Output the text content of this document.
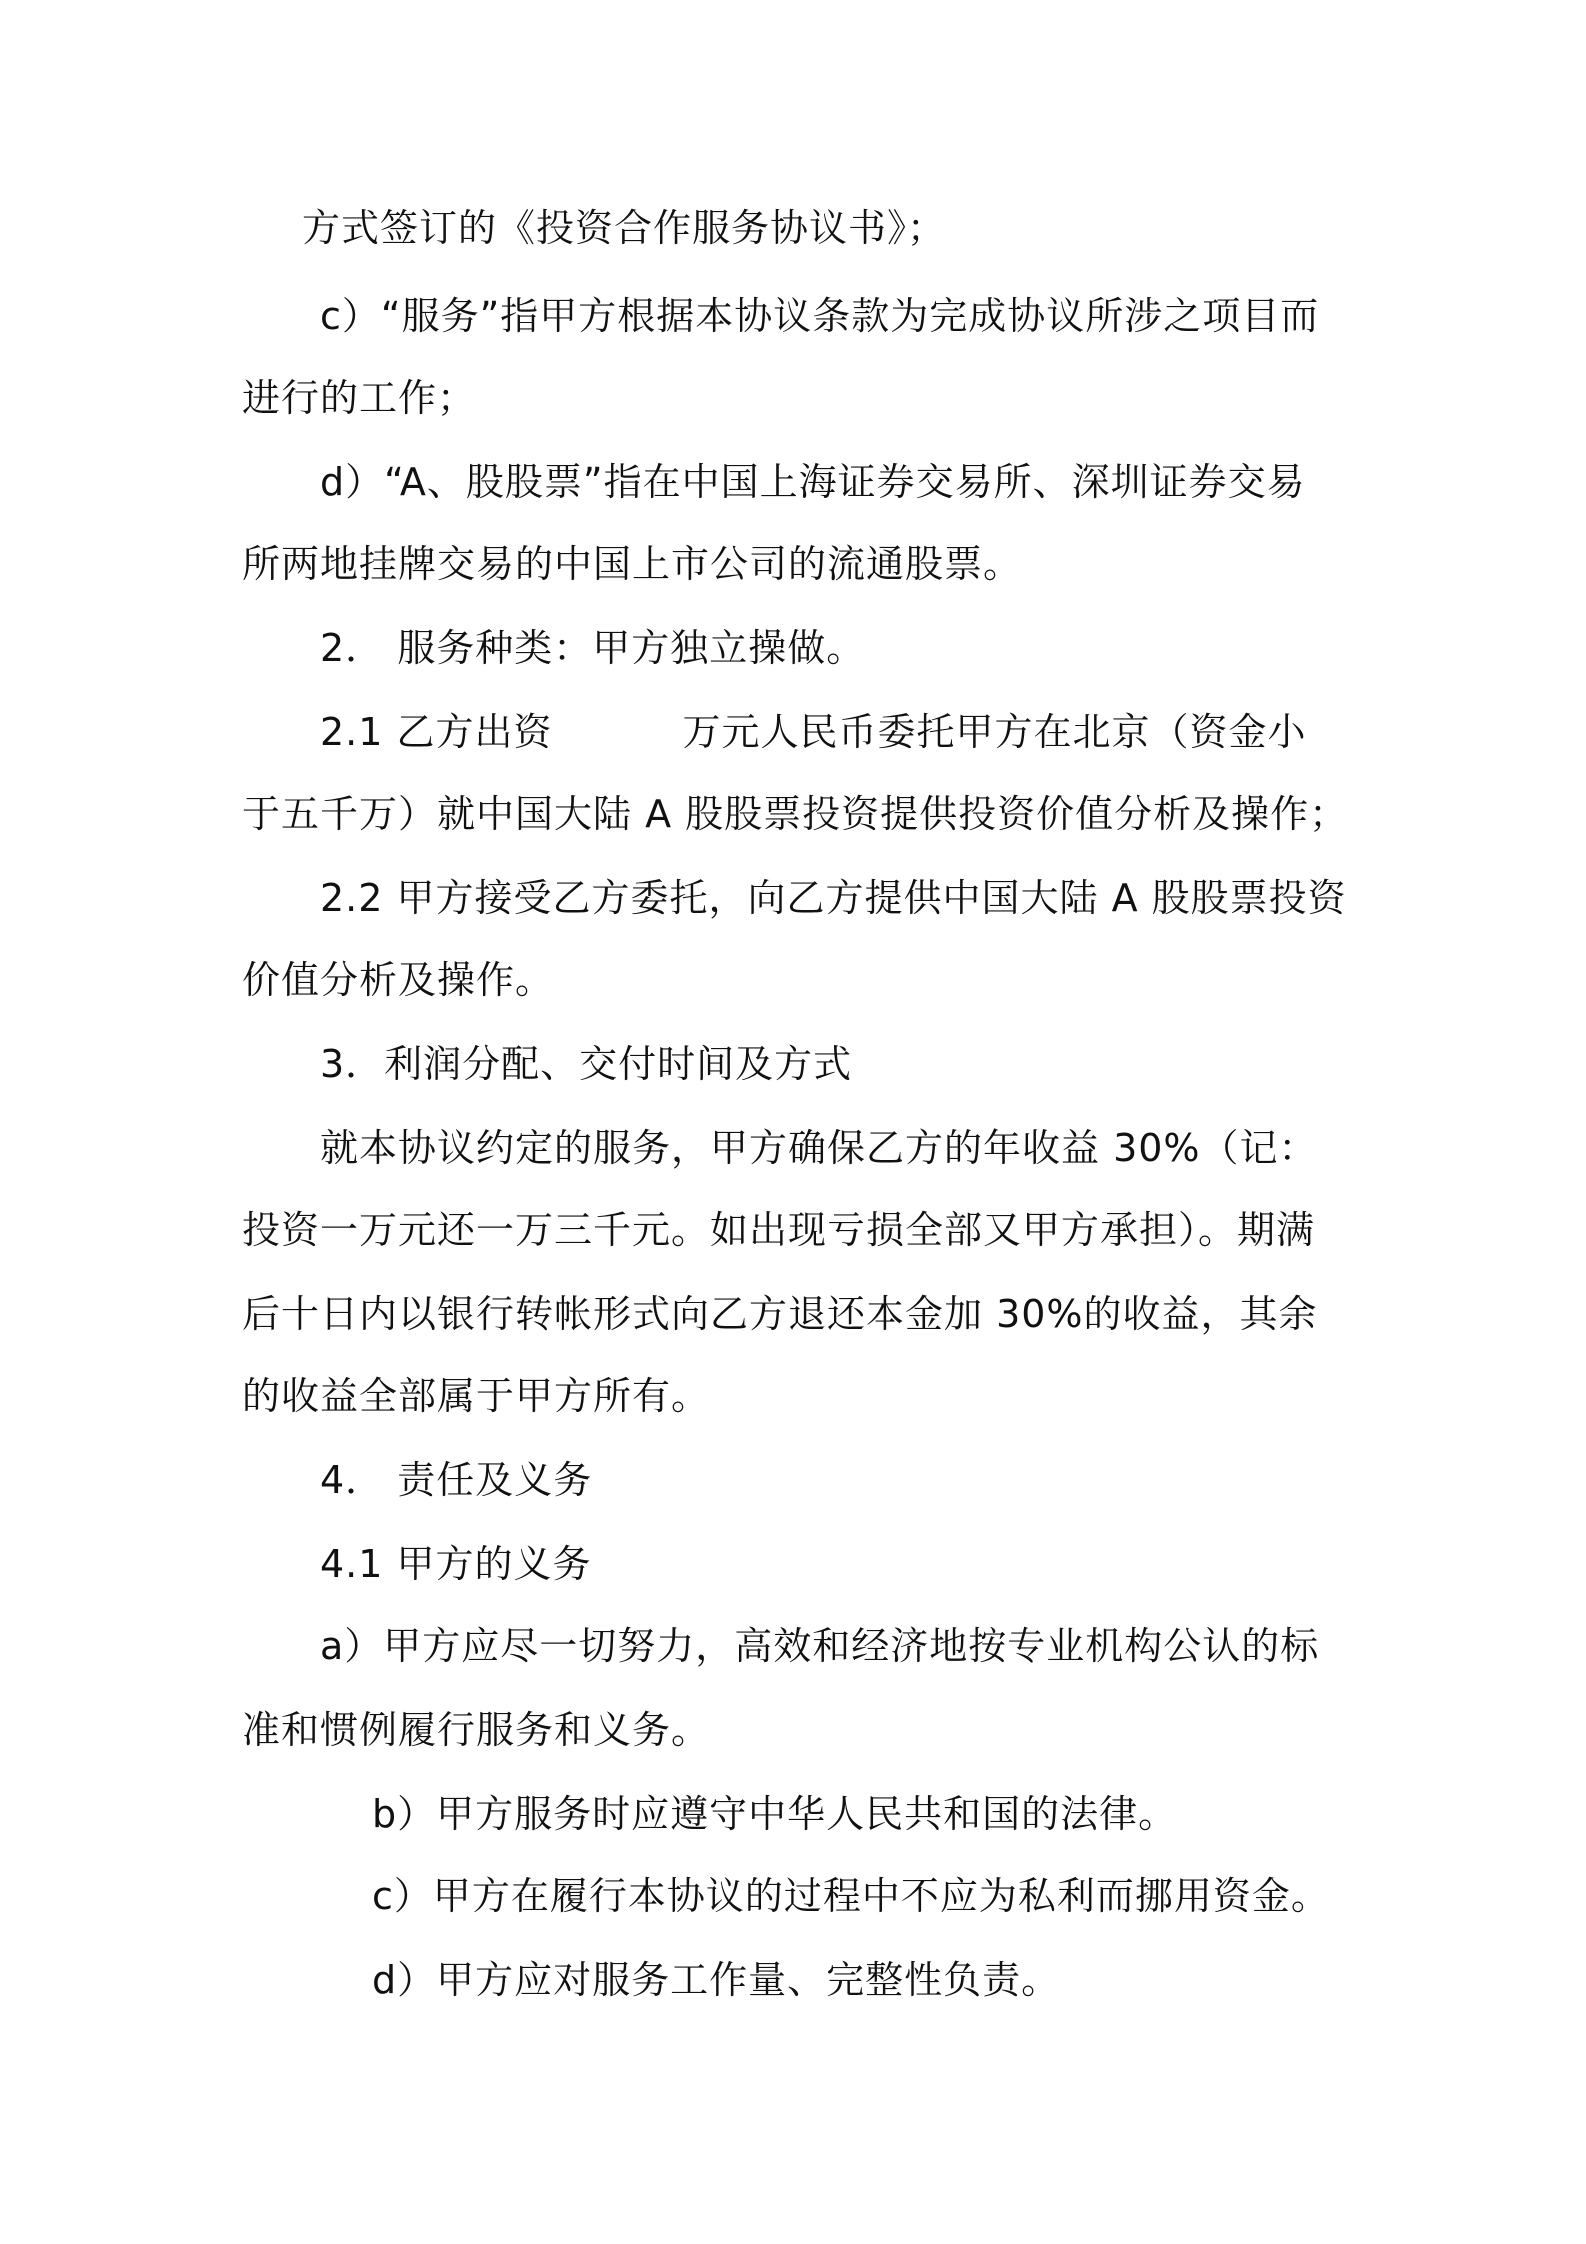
方式签订的《投资合作服务协议书》；
c）“服务”指甲方根据本协议条款为完成协议所涉之项目而
进行的工作；
d）“A、股股票”指在中国上海证券交易所、深圳证券交易
所两地挂牌交易的中国上市公司的流通股票。
2． 服务种类：甲方独立操做。
2.1 乙方出资	万元人民币委托甲方在北京（资金小
于五千万）就中国大陆 A 股股票投资提供投资价值分析及操作；
2.2 甲方接受乙方委托，向乙方提供中国大陆 A 股股票投资
价值分析及操作。
3．利润分配、交付时间及方式
就本协议约定的服务，甲方确保乙方的年收益 30%（记：
投资一万元还一万三千元。如出现亏损全部又甲方承担）。期满
后十日内以银行转帐形式向乙方退还本金加 30%的收益，其余
的收益全部属于甲方所有。
4． 责任及义务
4.1 甲方的义务
a）甲方应尽一切努力，高效和经济地按专业机构公认的标
准和惯例履行服务和义务。
b）甲方服务时应遵守中华人民共和国的法律。
c）甲方在履行本协议的过程中不应为私利而挪用资金。
d）甲方应对服务工作量、完整性负责。
